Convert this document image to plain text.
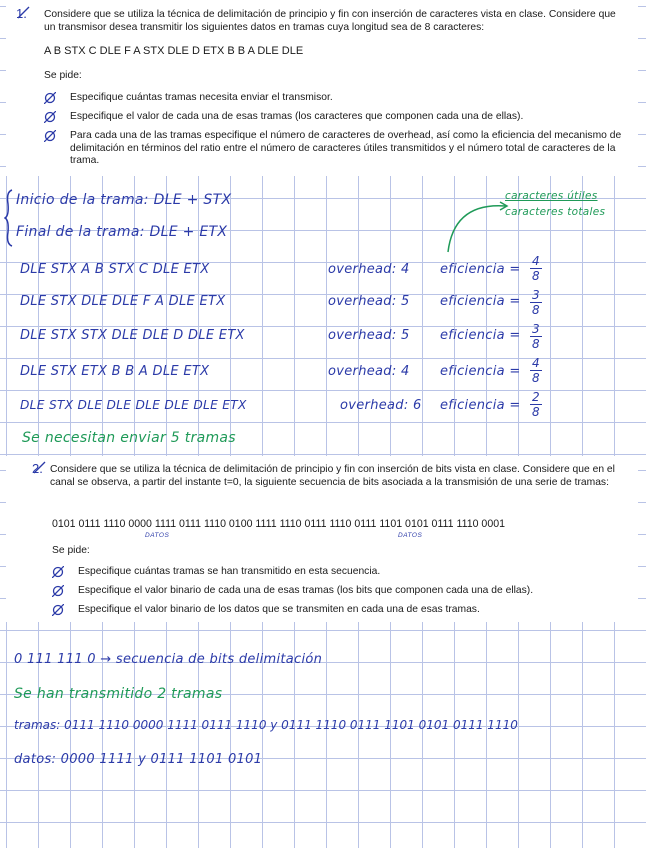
1. Considere que se utiliza la técnica de delimitación de principio y fin con inserción de caracteres vista en clase. Considere que un transmisor desea transmitir los siguientes datos en tramas cuya longitud sea de 8 caracteres:
A B STX C DLE F A STX DLE D ETX B B A DLE DLE
Se pide:
Especifique cuántas tramas necesita enviar el transmisor.
Especifique el valor de cada una de esas tramas (los caracteres que componen cada una de ellas).
Para cada una de las tramas especifique el número de caracteres de overhead, así como la eficiencia del mecanismo de delimitación en términos del ratio entre el número de caracteres útiles transmitidos y el número total de caracteres de la trama.
Inicio de la trama: DLE + STX
Final de la trama: DLE + ETX
caracteres útiles
caracteres totales
DLE STX A B STX C DLE ETX	overhead: 4 eficiencia = $\frac{4}{8}$
DLE STX DLE DLE F A DLE ETX	overhead: 5 eficiencia = $\frac{3}{8}$
DLE STX STX DLE DLE D DLE ETX	overhead: 5 eficiencia = $\frac{3}{8}$
DLE STX ETX B B A DLE ETX	overhead: 4 eficiencia = $\frac{4}{8}$
DLE STX DLE DLE DLE DLE DLE ETX	overhead: 6 eficiencia = $\frac{2}{8}$
Se necesitan enviar 5 tramas
2. Considere que se utiliza la técnica de delimitación de principio y fin con inserción de bits vista en clase. Considere que en el canal se observa, a partir del instante t=0, la siguiente secuencia de bits asociada a la transmisión de una serie de tramas:
0101 0111 1110 0000 1111 0111 1110 0100 1111 1110 0111 1110 0111 1101 0101 0111 1110 0001
DATOS	DATOS
Se pide:
Especifique cuántas tramas se han transmitido en esta secuencia.
Especifique el valor binario de cada una de esas tramas (los bits que componen cada una de ellas).
Especifique el valor binario de los datos que se transmiten en cada una de esas tramas.
0 111 111 0 → secuencia de bits delimitación
Se han transmitido 2 tramas
tramas: 0111 1110 0000 1111 0111 1110 y 0111 1110 0111 1101 0101 0111 1110
datos: 0000 1111 y 0111 1101 0101
